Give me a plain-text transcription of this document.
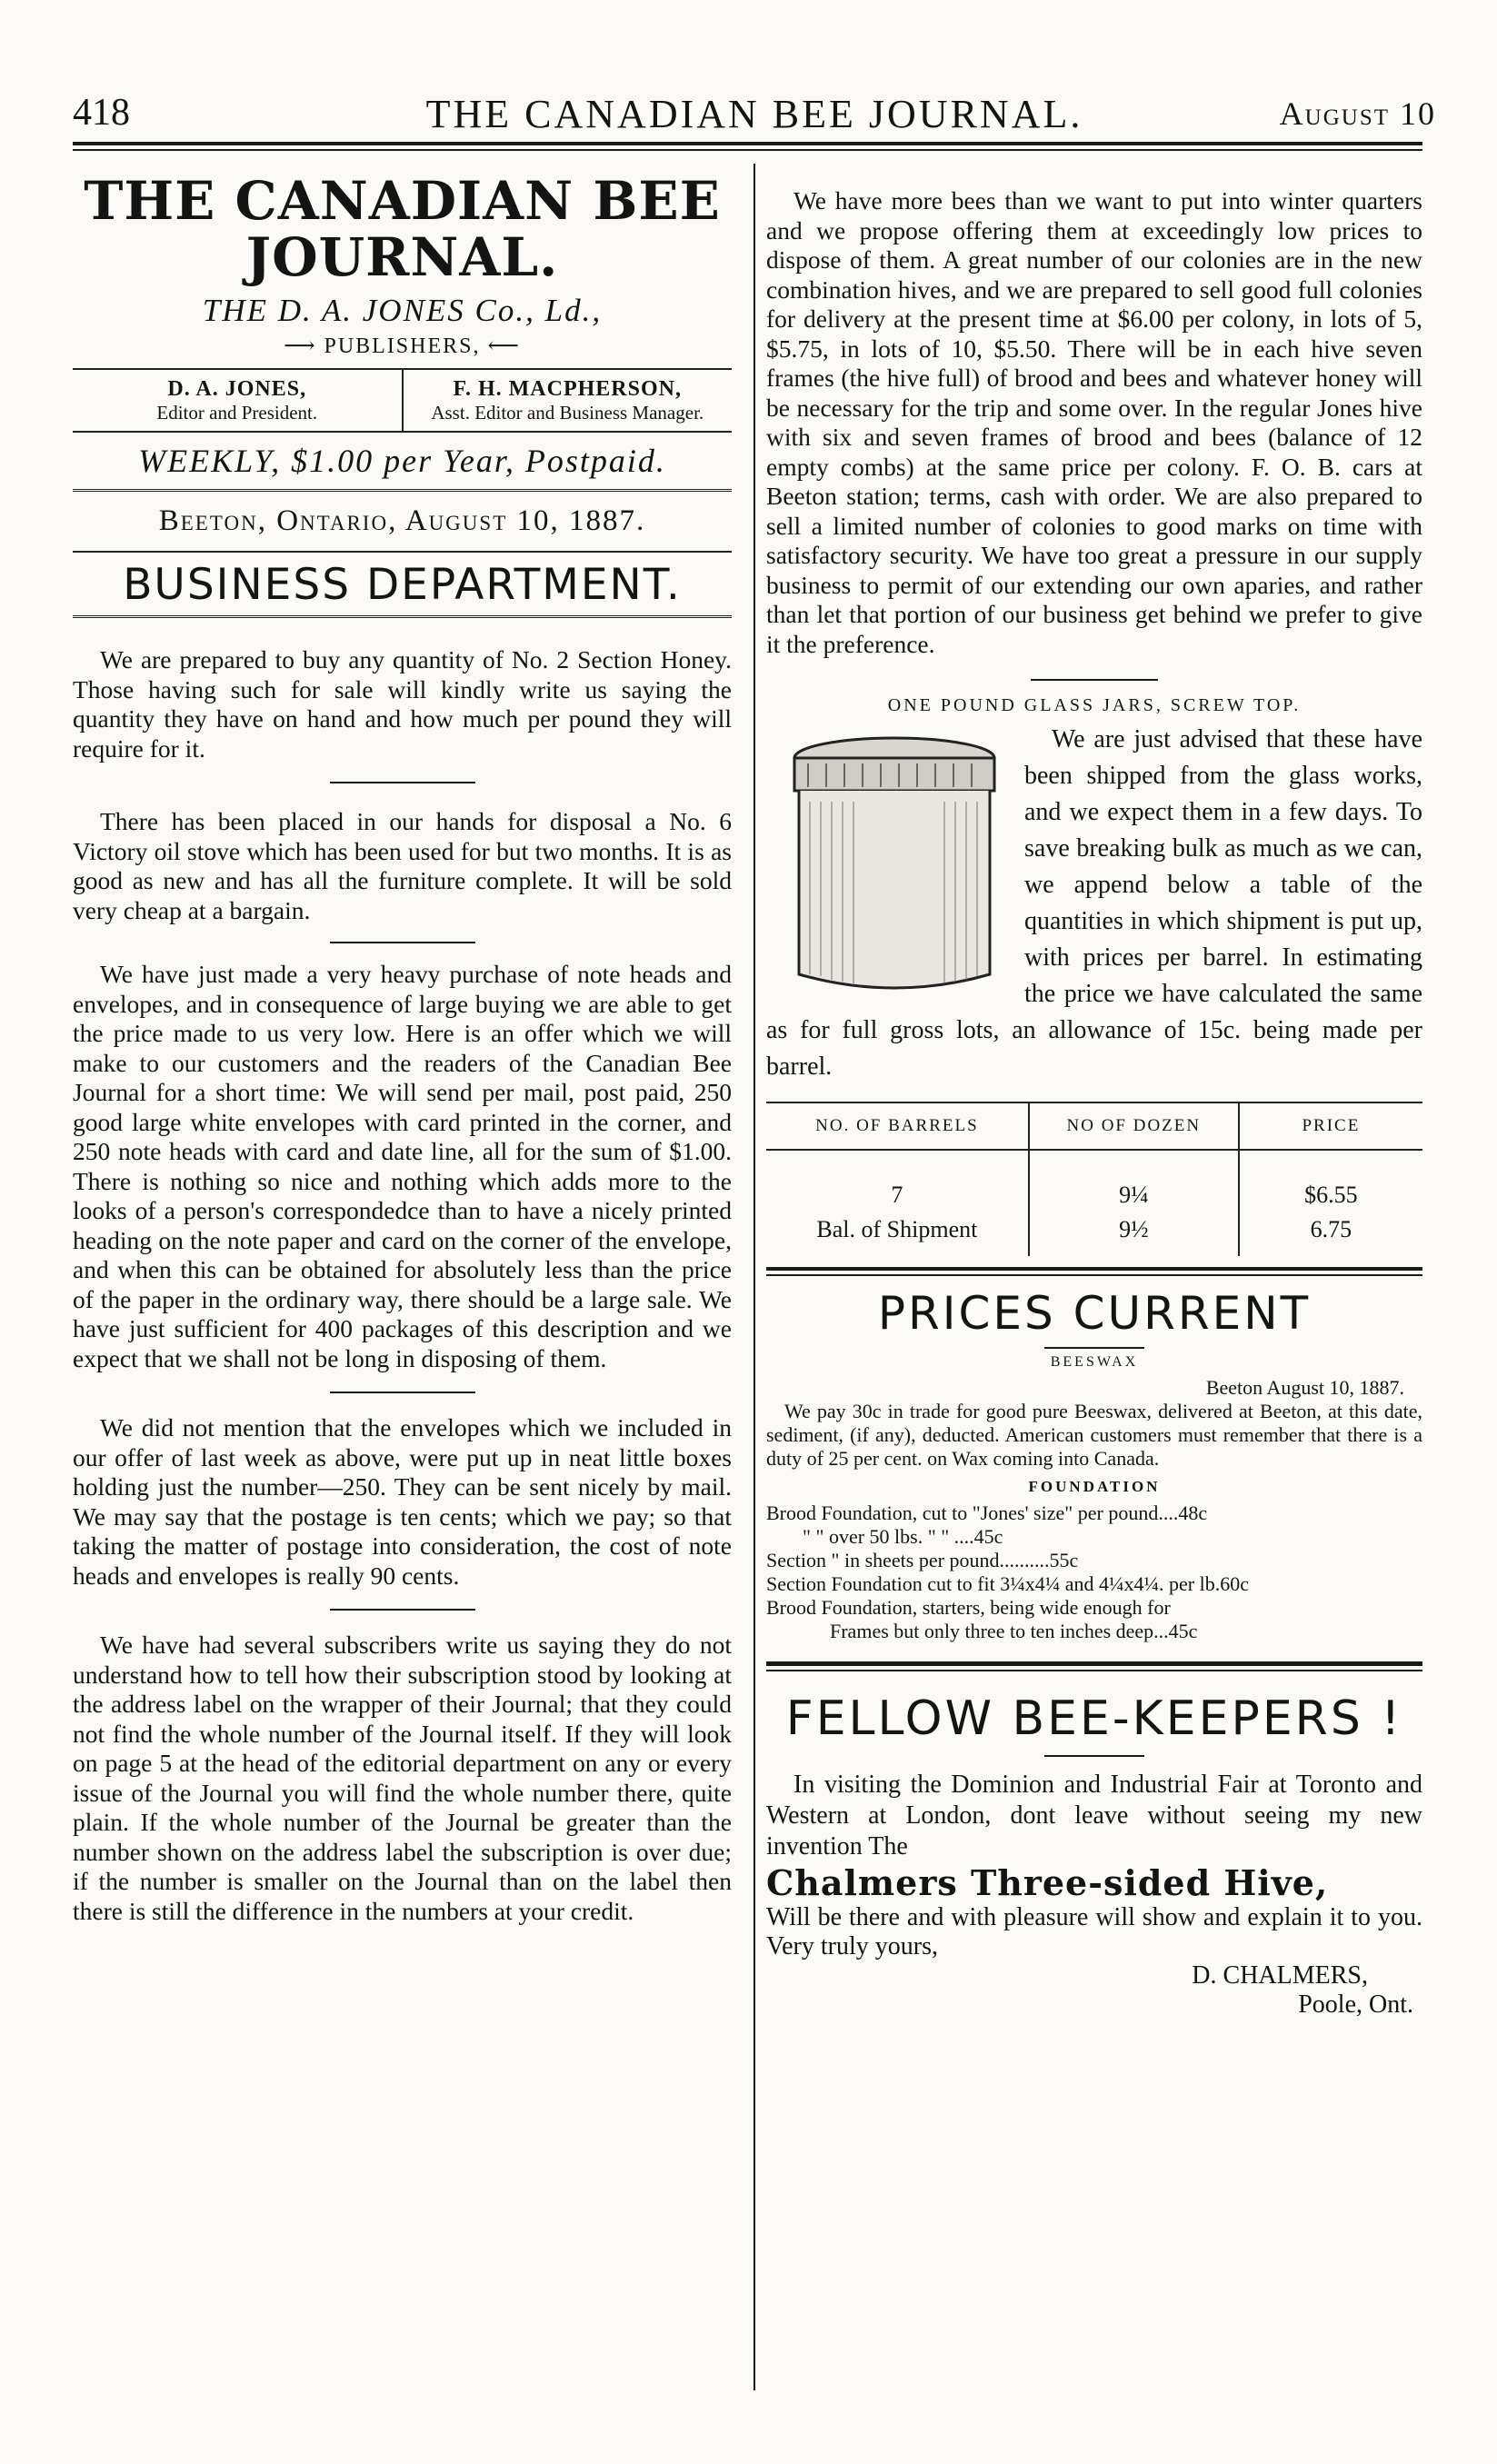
418	THE CANADIAN BEE JOURNAL.	August 10
THE CANADIAN BEE JOURNAL.
THE D. A. JONES Co., Ld.,
⟶ PUBLISHERS, ⟵
D. A. JONES,
Editor and President.
F. H. MACPHERSON,
Asst. Editor and Business Manager.
WEEKLY, $1.00 per Year, Postpaid.
Beeton, Ontario, August 10, 1887.
BUSINESS DEPARTMENT.

We are prepared to buy any quantity of No. 2 Section Honey. Those having such for sale will kindly write us saying the quantity they have on hand and how much per pound they will require for it.

There has been placed in our hands for disposal a No. 6 Victory oil stove which has been used for but two months. It is as good as new and has all the furniture complete. It will be sold very cheap at a bargain.

We have just made a very heavy purchase of note heads and envelopes, and in consequence of large buying we are able to get the price made to us very low. Here is an offer which we will make to our customers and the readers of the Canadian Bee Journal for a short time: We will send per mail, post paid, 250 good large white envelopes with card printed in the corner, and 250 note heads with card and date line, all for the sum of $1.00. There is nothing so nice and nothing which adds more to the looks of a person's correspondedce than to have a nicely printed heading on the note paper and card on the corner of the envelope, and when this can be obtained for absolutely less than the price of the paper in the ordinary way, there should be a large sale. We have just sufficient for 400 packages of this description and we expect that we shall not be long in disposing of them.

We did not mention that the envelopes which we included in our offer of last week as above, were put up in neat little boxes holding just the number—250. They can be sent nicely by mail. We may say that the postage is ten cents; which we pay; so that taking the matter of postage into consideration, the cost of note heads and envelopes is really 90 cents.

We have had several subscribers write us saying they do not understand how to tell how their subscription stood by looking at the address label on the wrapper of their Journal; that they could not find the whole number of the Journal itself. If they will look on page 5 at the head of the editorial department on any or every issue of the Journal you will find the whole number there, quite plain. If the whole number of the Journal be greater than the number shown on the address label the subscription is over due; if the number is smaller on the Journal than on the label then there is still the difference in the numbers at your credit.

We have more bees than we want to put into winter quarters and we propose offering them at exceedingly low prices to dispose of them. A great number of our colonies are in the new combination hives, and we are prepared to sell good full colonies for delivery at the present time at $6.00 per colony, in lots of 5, $5.75, in lots of 10, $5.50. There will be in each hive seven frames (the hive full) of brood and bees and whatever honey will be necessary for the trip and some over. In the regular Jones hive with six and seven frames of brood and bees (balance of 12 empty combs) at the same price per colony. F. O. B. cars at Beeton station; terms, cash with order. We are also prepared to sell a limited number of colonies to good marks on time with satisfactory security. We have too great a pressure in our supply business to permit of our extending our own aparies, and rather than let that portion of our business get behind we prefer to give it the preference.

ONE POUND GLASS JARS, SCREW TOP.

We are just advised that these have been shipped from the glass works, and we expect them in a few days. To save breaking bulk as much as we can, we append below a table of the quantities in which shipment is put up, with prices per barrel. In estimating the price we have calculated the same as for full gross lots, an allowance of 15c. being made per barrel.

NO. OF BARRELS	NO OF DOZEN	PRICE
7	9¼	$6.55
Bal. of Shipment	9½	6.75
PRICES CURRENT
BEESWAX

Beeton August 10, 1887.

We pay 30c in trade for good pure Beeswax, delivered at Beeton, at this date, sediment, (if any), deducted. American customers must remember that there is a duty of 25 per cent. on Wax coming into Canada.

FOUNDATION

Brood Foundation, cut to "Jones' size" per pound....48c

" " over 50 lbs. " " ....45c

Section " in sheets per pound..........55c

Section Foundation cut to fit 3¼x4¼ and 4¼x4¼. per lb.60c

Brood Foundation, starters, being wide enough for

Frames but only three to ten inches deep...45c

FELLOW BEE-KEEPERS !

In visiting the Dominion and Industrial Fair at Toronto and Western at London, dont leave without seeing my new invention The

Chalmers Three-sided Hive,

Will be there and with pleasure will show and explain it to you. Very truly yours,

D. CHALMERS,
Poole, Ont.
